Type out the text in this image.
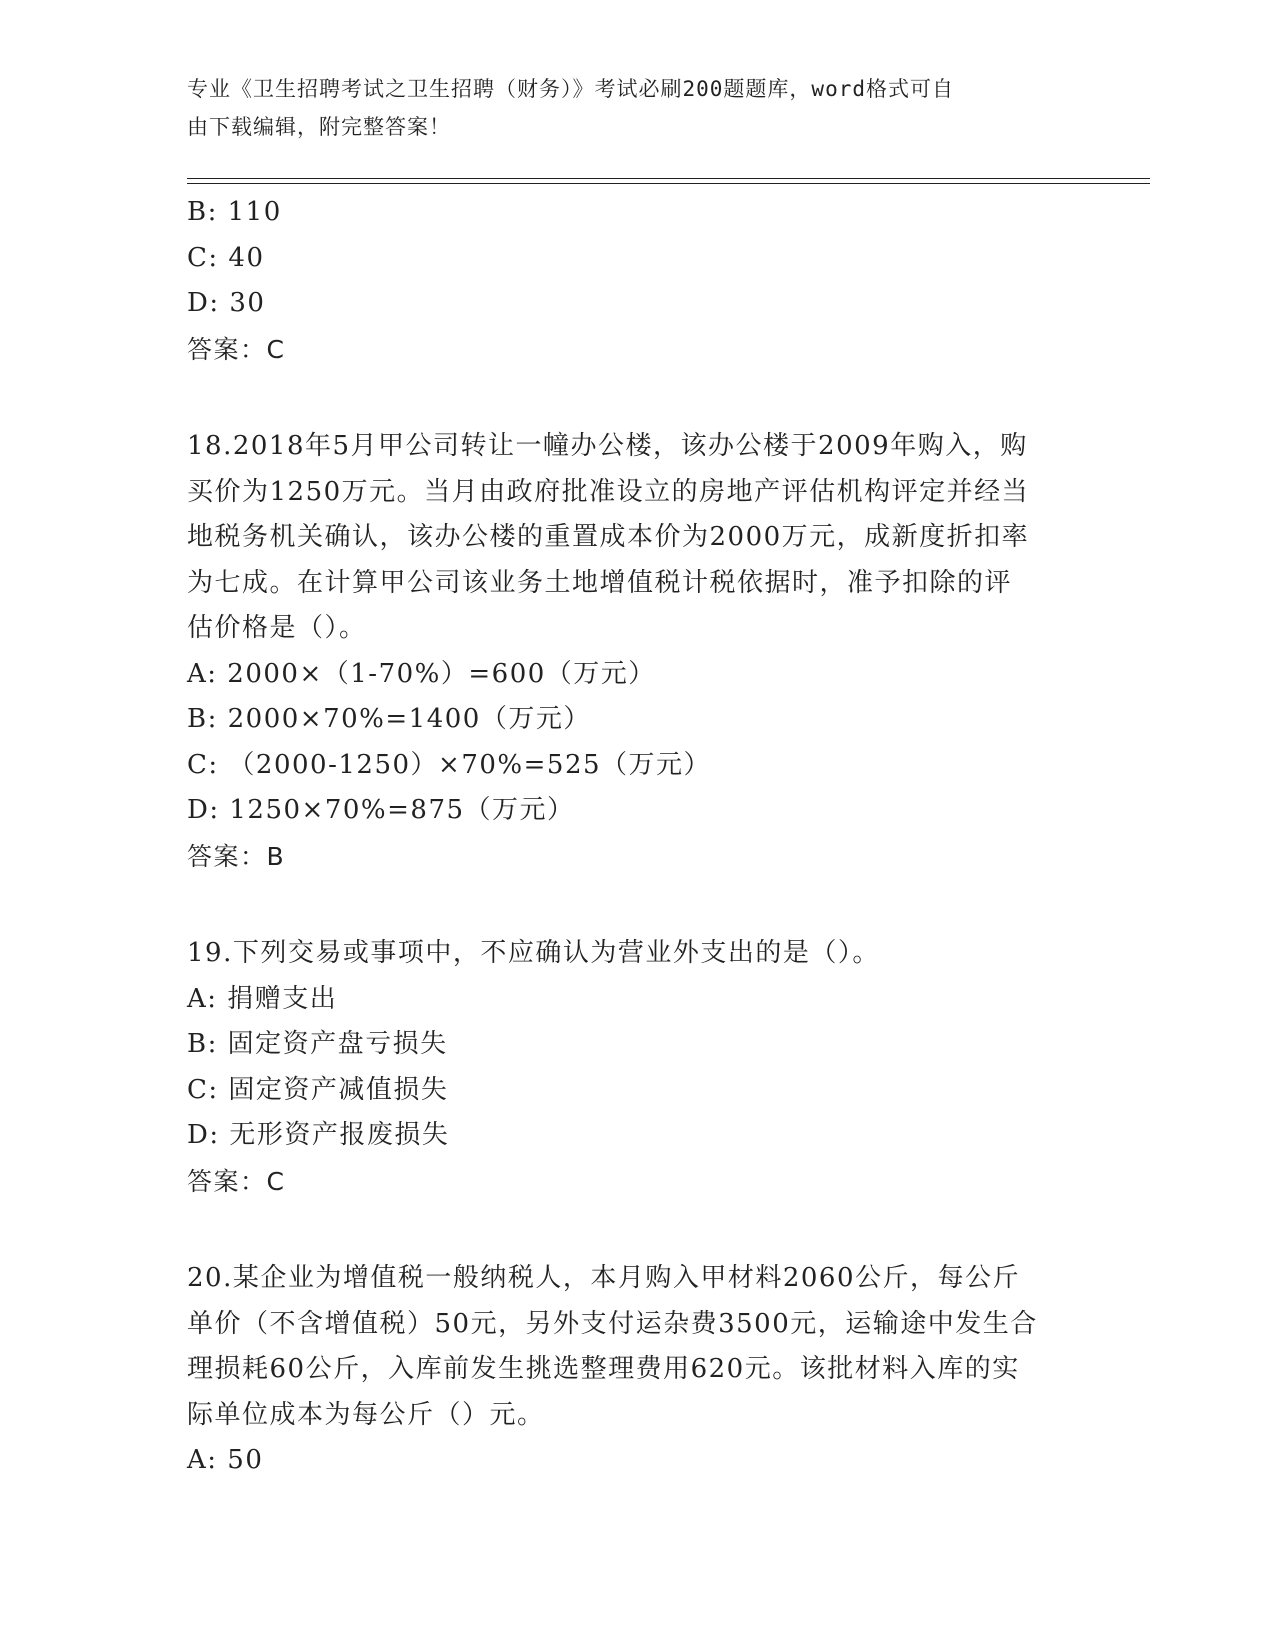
专业《卫生招聘考试之卫生招聘（财务）》考试必刷200题题库，word格式可自
由下载编辑，附完整答案！
B: 110
C: 40
D: 30
答案：C
18.2018年5月甲公司转让一幢办公楼，该办公楼于2009年购入，购
买价为1250万元。当月由政府批准设立的房地产评估机构评定并经当
地税务机关确认，该办公楼的重置成本价为2000万元，成新度折扣率
为七成。在计算甲公司该业务土地增值税计税依据时，准予扣除的评
估价格是（）。
A: 2000×（1-70%）=600（万元）
B: 2000×70%=1400（万元）
C: （2000-1250）×70%=525（万元）
D: 1250×70%=875（万元）
答案：B
19.下列交易或事项中，不应确认为营业外支出的是（）。
A: 捐赠支出
B: 固定资产盘亏损失
C: 固定资产减值损失
D: 无形资产报废损失
答案：C
20.某企业为增值税一般纳税人，本月购入甲材料2060公斤，每公斤
单价（不含增值税）50元，另外支付运杂费3500元，运输途中发生合
理损耗60公斤，入库前发生挑选整理费用620元。该批材料入库的实
际单位成本为每公斤（）元。
A: 50
